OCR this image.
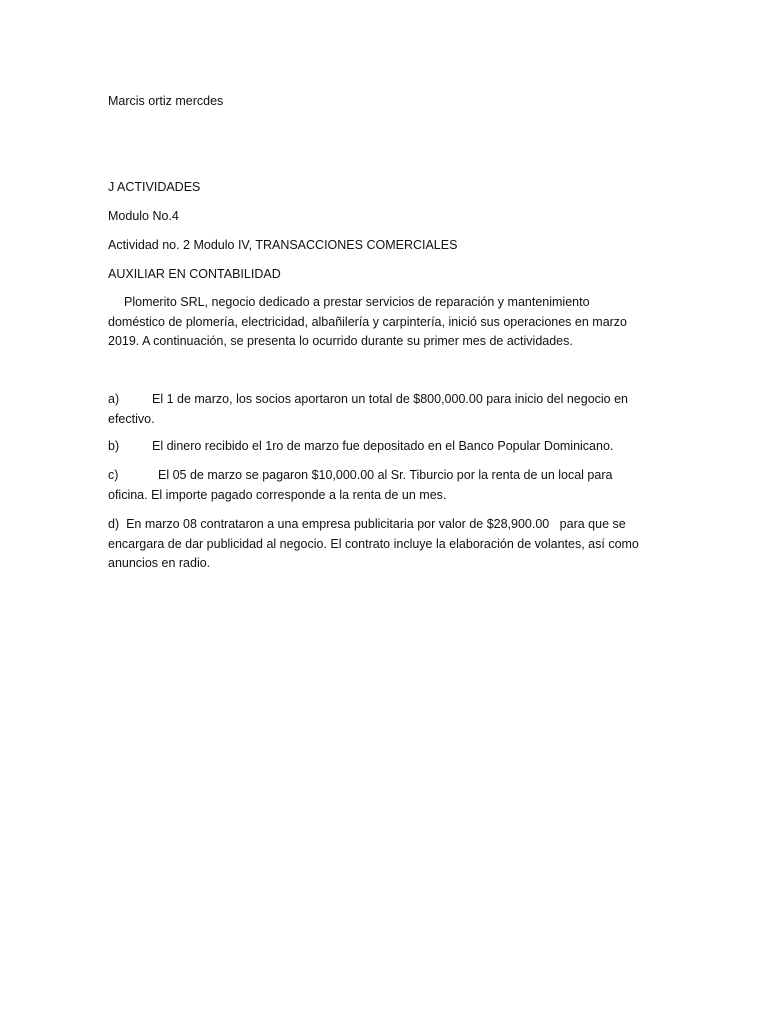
Marcis ortiz mercdes
J ACTIVIDADES
Modulo No.4
Actividad no. 2 Modulo IV, TRANSACCIONES COMERCIALES
AUXILIAR EN CONTABILIDAD

Plomerito SRL, negocio dedicado a prestar servicios de reparación y mantenimiento doméstico de plomería, electricidad, albañilería y carpintería, inició sus operaciones en marzo 2019. A continuación, se presenta lo ocurrido durante su primer mes de actividades.

a)	El 1 de marzo, los socios aportaron un total de $800,000.00 para inicio del negocio en efectivo.
b)	El dinero recibido el 1ro de marzo fue depositado en el Banco Popular Dominicano.
c)	El 05 de marzo se pagaron $10,000.00 al Sr. Tiburcio por la renta de un local para oficina. El importe pagado corresponde a la renta de un mes.
d) En marzo 08 contrataron a una empresa publicitaria por valor de $28,900.00   para que se encargara de dar publicidad al negocio. El contrato incluye la elaboración de volantes, así como anuncios en radio.
